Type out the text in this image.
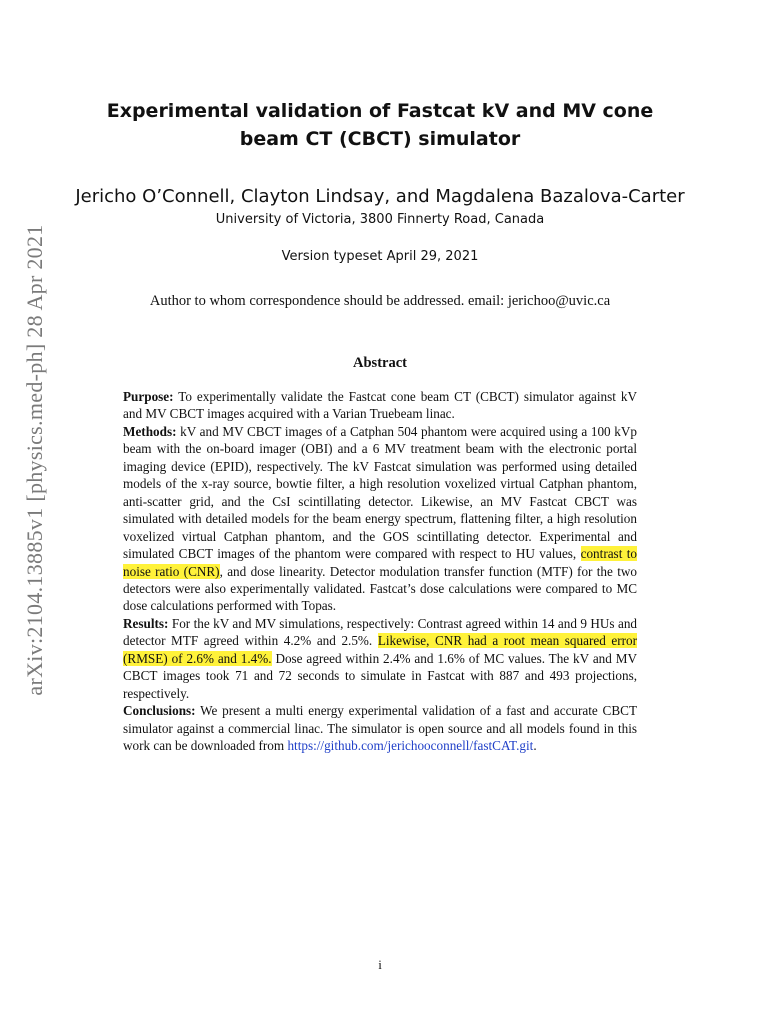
arXiv:2104.13885v1 [physics.med-ph] 28 Apr 2021
Experimental validation of Fastcat kV and MV cone beam CT (CBCT) simulator
Jericho O’Connell, Clayton Lindsay, and Magdalena Bazalova-Carter
University of Victoria, 3800 Finnerty Road, Canada
Version typeset April 29, 2021
Author to whom correspondence should be addressed. email: jerichoo@uvic.ca
Abstract

Purpose: To experimentally validate the Fastcat cone beam CT (CBCT) simulator against kV and MV CBCT images acquired with a Varian Truebeam linac.

Methods: kV and MV CBCT images of a Catphan 504 phantom were acquired using a 100 kVp beam with the on-board imager (OBI) and a 6 MV treatment beam with the electronic portal imaging device (EPID), respectively. The kV Fastcat simulation was performed using detailed models of the x-ray source, bowtie filter, a high resolution voxelized virtual Catphan phantom, anti-scatter grid, and the CsI scintillating detector. Likewise, an MV Fastcat CBCT was simulated with detailed models for the beam energy spectrum, flattening filter, a high resolution voxelized virtual Catphan phantom, and the GOS scintillating detector. Experimental and simulated CBCT images of the phantom were compared with respect to HU values, contrast to noise ratio (CNR), and dose linearity. Detector modulation transfer function (MTF) for the two detectors were also experimentally validated. Fastcat’s dose calculations were compared to MC dose calculations performed with Topas.

Results: For the kV and MV simulations, respectively: Contrast agreed within 14 and 9 HUs and detector MTF agreed within 4.2% and 2.5%. Likewise, CNR had a root mean squared error (RMSE) of 2.6% and 1.4%. Dose agreed within 2.4% and 1.6% of MC values. The kV and MV CBCT images took 71 and 72 seconds to simulate in Fastcat with 887 and 493 projections, respectively.

Conclusions: We present a multi energy experimental validation of a fast and accurate CBCT simulator against a commercial linac. The simulator is open source and all models found in this work can be downloaded from https://github.com/jerichooconnell/fastCAT.git.

i
